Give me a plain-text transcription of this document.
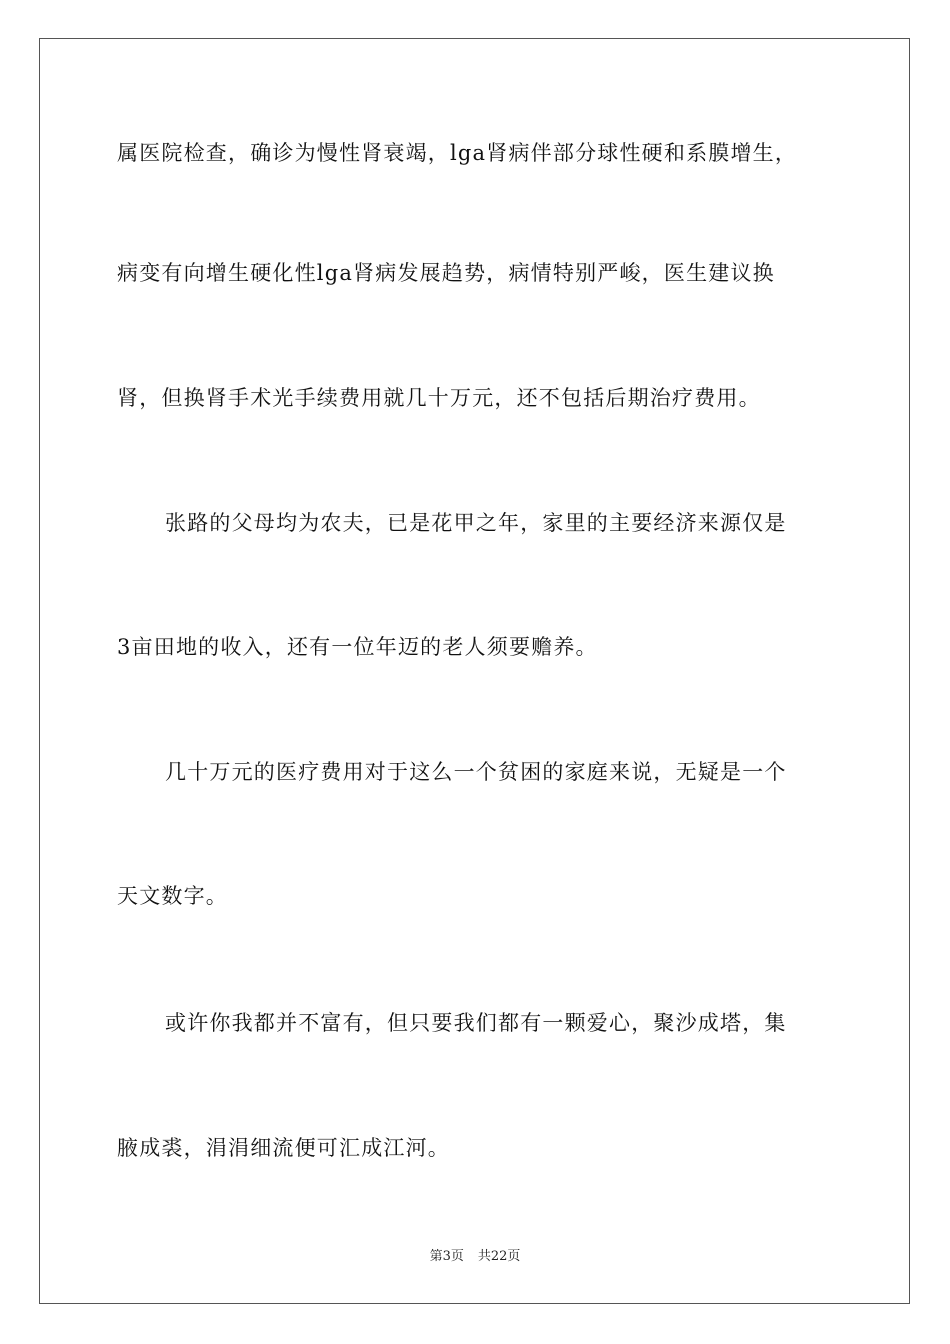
属医院检查，确诊为慢性肾衰竭，lga肾病伴部分球性硬和系膜增生，
病变有向增生硬化性lga肾病发展趋势，病情特别严峻，医生建议换
肾，但换肾手术光手续费用就几十万元，还不包括后期治疗费用。
张路的父母均为农夫，已是花甲之年，家里的主要经济来源仅是
3亩田地的收入，还有一位年迈的老人须要赡养。
几十万元的医疗费用对于这么一个贫困的家庭来说，无疑是一个
天文数字。
或许你我都并不富有，但只要我们都有一颗爱心，聚沙成塔，集
腋成裘，涓涓细流便可汇成江河。
第3页 共22页
